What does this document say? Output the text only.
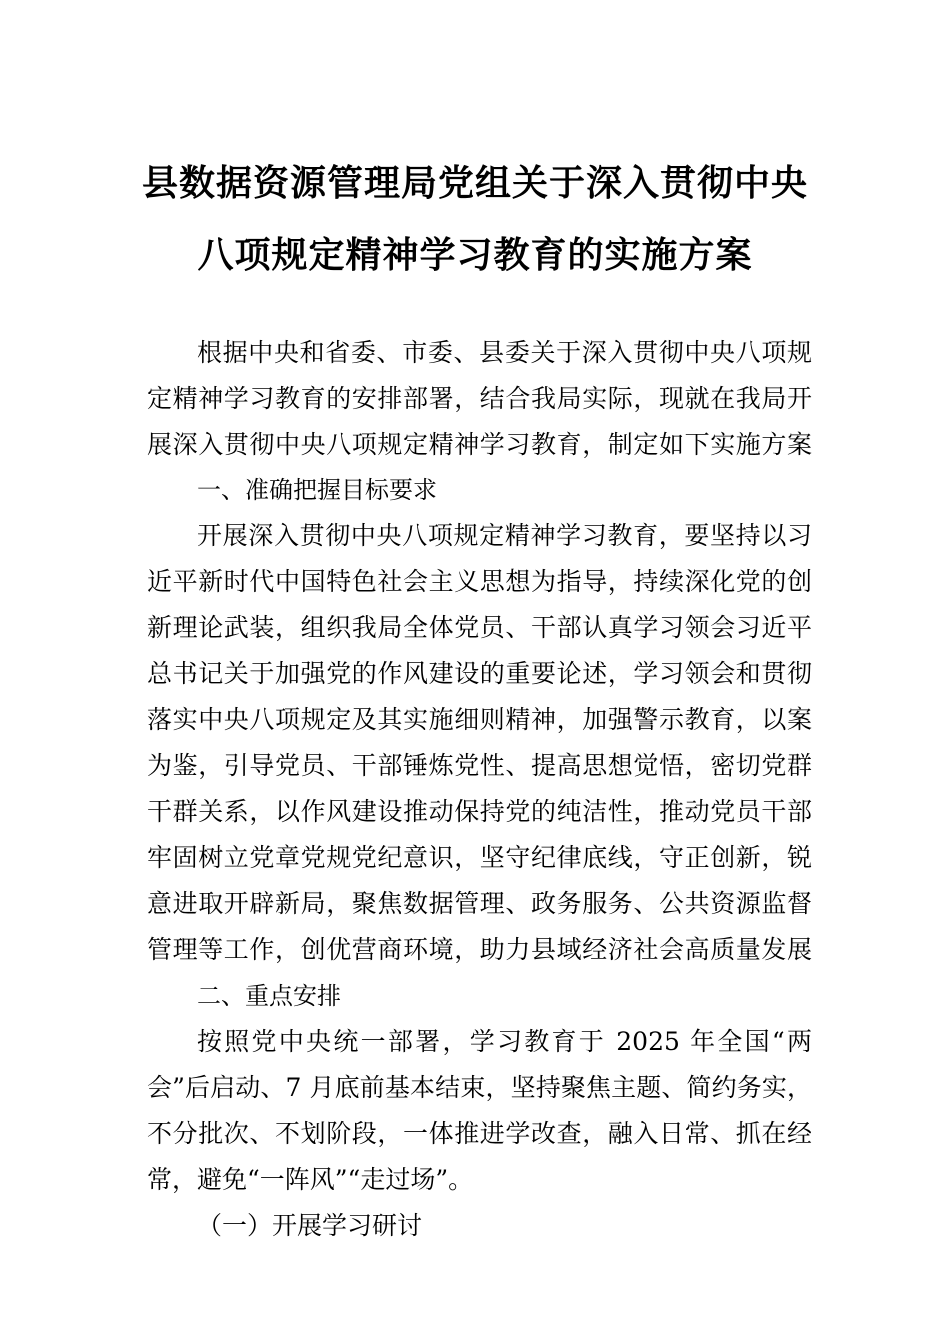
县数据资源管理局党组关于深入贯彻中央
八项规定精神学习教育的实施方案
根据中央和省委、市委、县委关于深入贯彻中央八项规
定精神学习教育的安排部署，结合我局实际，现就在我局开
展深入贯彻中央八项规定精神学习教育，制定如下实施方案
一、准确把握目标要求
开展深入贯彻中央八项规定精神学习教育，要坚持以习
近平新时代中国特色社会主义思想为指导，持续深化党的创
新理论武装，组织我局全体党员、干部认真学习领会习近平
总书记关于加强党的作风建设的重要论述，学习领会和贯彻
落实中央八项规定及其实施细则精神，加强警示教育，以案
为鉴，引导党员、干部锤炼党性、提高思想觉悟，密切党群
干群关系，以作风建设推动保持党的纯洁性，推动党员干部
牢固树立党章党规党纪意识，坚守纪律底线，守正创新，锐
意进取开辟新局，聚焦数据管理、政务服务、公共资源监督
管理等工作，创优营商环境，助力县域经济社会高质量发展
二、重点安排
按照党中央统一部署，学习教育于 2025 年全国“两
会”后启动、7 月底前基本结束，坚持聚焦主题、简约务实，
不分批次、不划阶段，一体推进学改查，融入日常、抓在经
常，避免“一阵风”“走过场”。
（一）开展学习研讨
